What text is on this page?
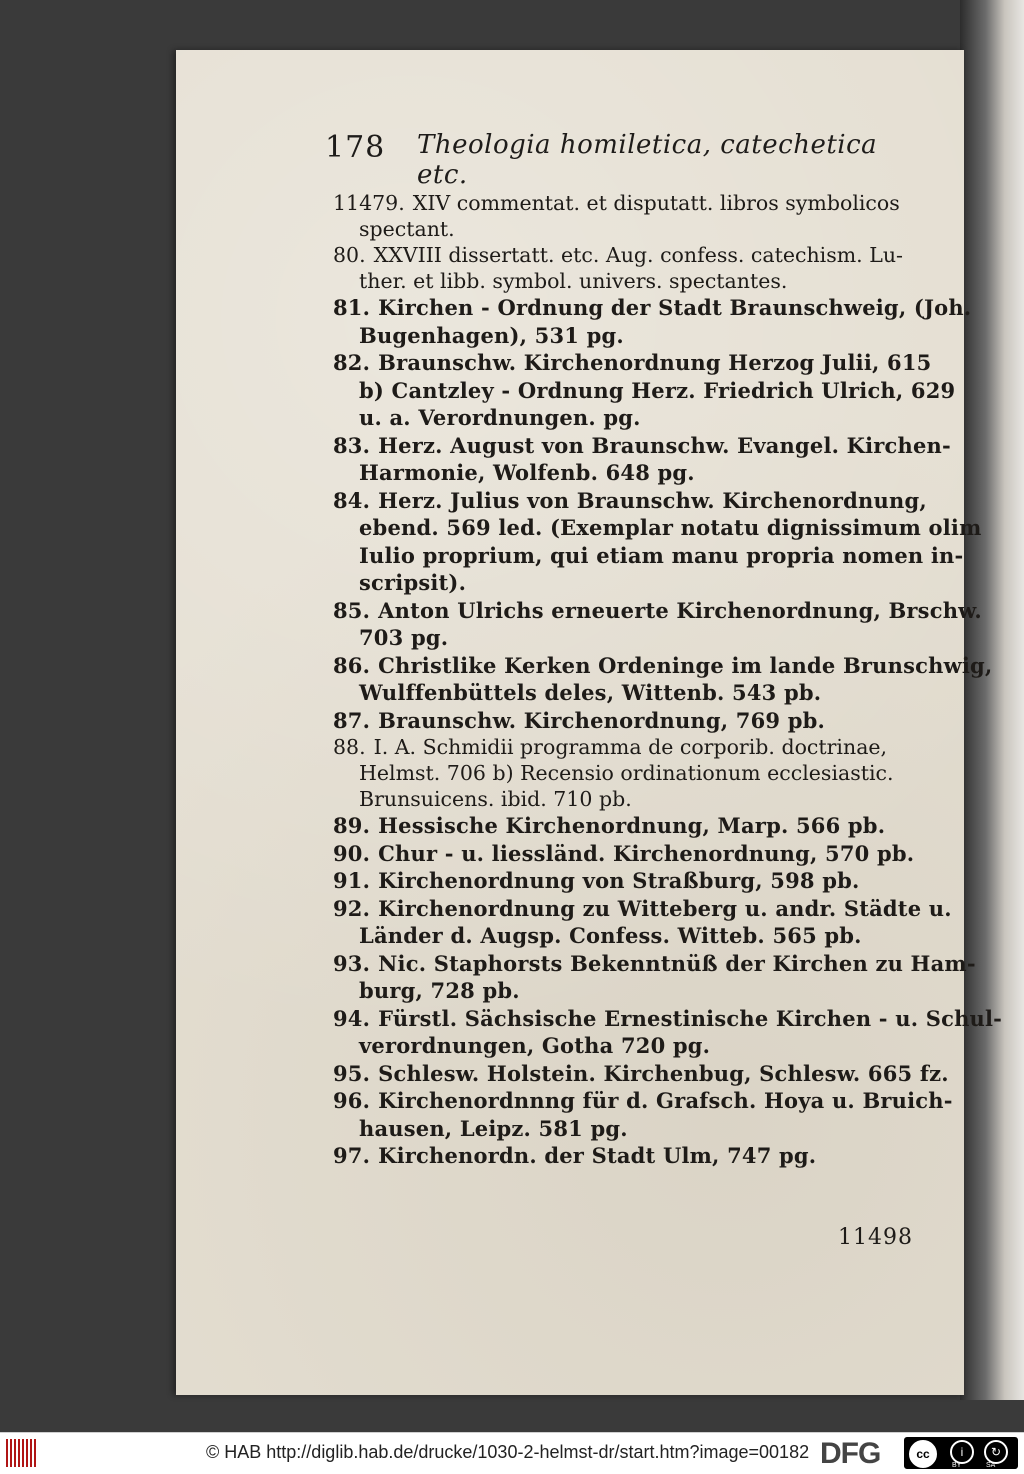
178 Theologia homiletica, catechetica etc.
11479. XIV commentat. et disputatt. libros symbolicos
spectant.
80. XXVIII dissertatt. etc. Aug. confess. catechism. Lu-
ther. et libb. symbol. univers. spectantes.
81. Kirchen - Ordnung der Stadt Braunschweig, (Joh.
Bugenhagen), 531 pg.
82. Braunschw. Kirchenordnung Herzog Julii, 615
b) Cantzley - Ordnung Herz. Friedrich Ulrich, 629
u. a. Verordnungen. pg.
83. Herz. August von Braunschw. Evangel. Kirchen-
Harmonie, Wolfenb. 648 pg.
84. Herz. Julius von Braunschw. Kirchenordnung,
ebend. 569 led. (Exemplar notatu dignissimum olim
Iulio proprium, qui etiam manu propria nomen in-
scripsit).
85. Anton Ulrichs erneuerte Kirchenordnung, Brschw.
703 pg.
86. Christlike Kerken Ordeninge im lande Brunschwig,
Wulffenbüttels deles, Wittenb. 543 pb.
87. Braunschw. Kirchenordnung, 769 pb.
88. I. A. Schmidii programma de corporib. doctrinae,
Helmst. 706 b) Recensio ordinationum ecclesiastic.
Brunsuicens. ibid. 710 pb.
89. Hessische Kirchenordnung, Marp. 566 pb.
90. Chur - u. liessländ. Kirchenordnung, 570 pb.
91. Kirchenordnung von Straßburg, 598 pb.
92. Kirchenordnung zu Witteberg u. andr. Städte u.
Länder d. Augsp. Confess. Witteb. 565 pb.
93. Nic. Staphorsts Bekenntnüß der Kirchen zu Ham-
burg, 728 pb.
94. Fürstl. Sächsische Ernestinische Kirchen - u. Schul-
verordnungen, Gotha 720 pg.
95. Schlesw. Holstein. Kirchenbug, Schlesw. 665 fz.
96. Kirchenordnnng für d. Grafsch. Hoya u. Bruich-
hausen, Leipz. 581 pg.
97. Kirchenordn. der Stadt Ulm, 747 pg.
11498
© HAB http://diglib.hab.de/drucke/1030-2-helmst-dr/start.htm?image=00182 DFG	cc	i	↻
BY	SA
